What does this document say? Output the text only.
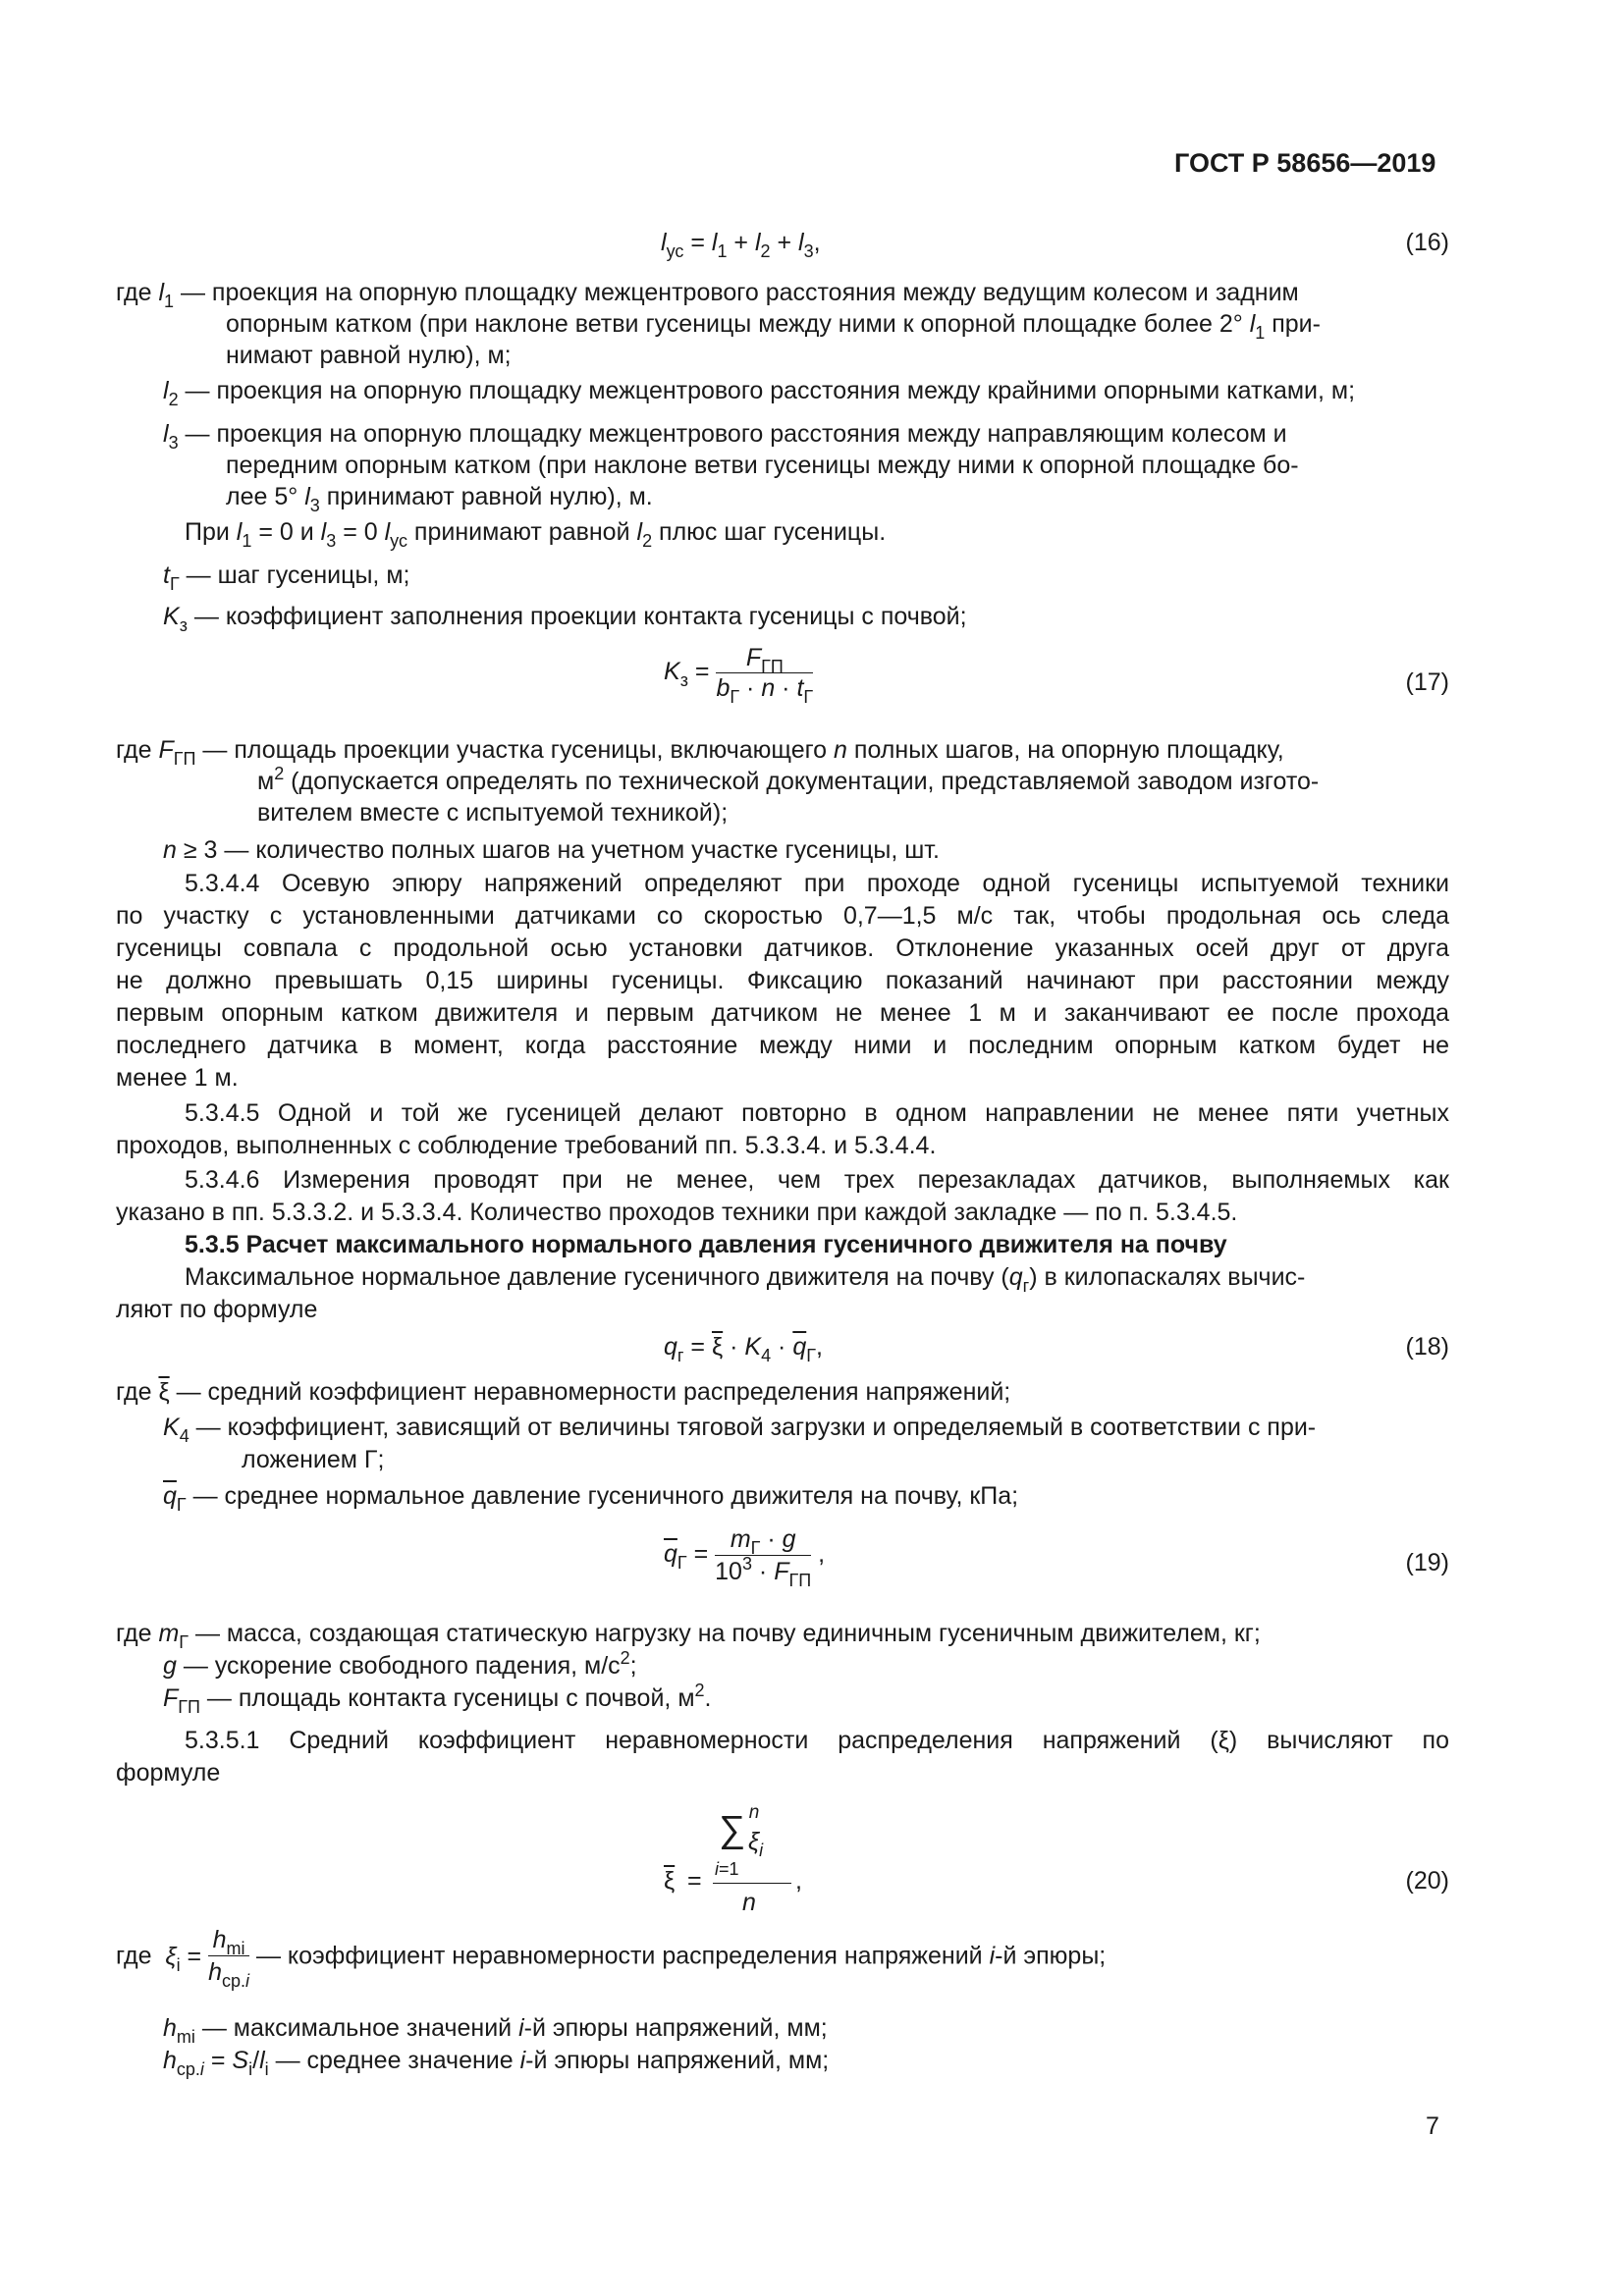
ГОСТ Р 58656—2019
$l_{ус} = l_1 + l_2 + l_3$,	(16)
где $l_1$ — проекция на опорную площадку межцентрового расстояния между ведущим колесом и задним
опорным катком (при наклоне ветви гусеницы между ними к опорной площадке более 2° $l_1$ при-
нимают равной нулю), м;
$l_2$ — проекция на опорную площадку межцентрового расстояния между крайними опорными катками, м;
$l_3$ — проекция на опорную площадку межцентрового расстояния между направляющим колесом и
передним опорным катком (при наклоне ветви гусеницы между ними к опорной площадке бо-
лее 5° $l_3$ принимают равной нулю), м.
При $l_1 = 0$ и $l_3 = 0$ $l_{ус}$ принимают равной $l_2$ плюс шаг гусеницы.
$t_Г$ — шаг гусеницы, м;
$K_з$ — коэффициент заполнения проекции контакта гусеницы с почвой;
$K_з = \frac{F_{ГП}}{b_Г \cdot n \cdot t_Г}$	(17)
где $F_{ГП}$ — площадь проекции участка гусеницы, включающего n полных шагов, на опорную площадку,
$м^2$ (допускается определять по технической документации, представляемой заводом изгото-
вителем вместе с испытуемой техникой);
n ≥ 3 — количество полных шагов на учетном участке гусеницы, шт.
5.3.4.4 Осевую эпюру напряжений определяют при проходе одной гусеницы испытуемой техники
по участку с установленными датчиками со скоростью 0,7—1,5 м/с так, чтобы продольная ось следа
гусеницы совпала с продольной осью установки датчиков. Отклонение указанных осей друг от друга
не должно превышать 0,15 ширины гусеницы. Фиксацию показаний начинают при расстоянии между
первым опорным катком движителя и первым датчиком не менее 1 м и заканчивают ее после прохода
последнего датчика в момент, когда расстояние между ними и последним опорным катком будет не
менее 1 м.
5.3.4.5 Одной и той же гусеницей делают повторно в одном направлении не менее пяти учетных
проходов, выполненных с соблюдение требований пп. 5.3.3.4. и 5.3.4.4.
5.3.4.6 Измерения проводят при не менее, чем трех перезакладах датчиков, выполняемых как
указано в пп. 5.3.3.2. и 5.3.3.4. Количество проходов техники при каждой закладке — по п. 5.3.4.5.
5.3.5 Расчет максимального нормального давления гусеничного движителя на почву
Максимальное нормальное давление гусеничного движителя на почву $(q_г)$ в килопаскалях вычис-
ляют по формуле
$q_г = \overline{\xi} \cdot K_4 \cdot \overline{q}_Г$,	(18)
где $\overline{\xi}$ — средний коэффициент неравномерности распределения напряжений;
$K_4$ — коэффициент, зависящий от величины тяговой загрузки и определяемый в соответствии с при-
ложением Г;
$\overline{q}_Г$ — среднее нормальное давление гусеничного движителя на почву, кПа;
$\overline{q}_Г = \frac{m_Г \cdot g}{10^3 \cdot F_{ГП}}$ ,	(19)
где $m_Г$ — масса, создающая статическую нагрузку на почву единичным гусеничным движителем, кг;
g — ускорение свободного падения, $м/с^2$;
$F_{ГП}$ — площадь контакта гусеницы с почвой, $м^2$.
5.3.5.1 Средний коэффициент неравномерности распределения напряжений (ξ) вычисляют по
формуле
$\overline{\xi}$ =
n
∑ $\xi_i$
i=1
n
,	(20)
где $\xi_i = \frac{h_{mi}}{h_{ср.i}}$ — коэффициент неравномерности распределения напряжений i-й эпюры;
$h_{mi}$ — максимальное значений i-й эпюры напряжений, мм;
$h_{ср.i} = S_i/l_i$ — среднее значение i-й эпюры напряжений, мм;
7
